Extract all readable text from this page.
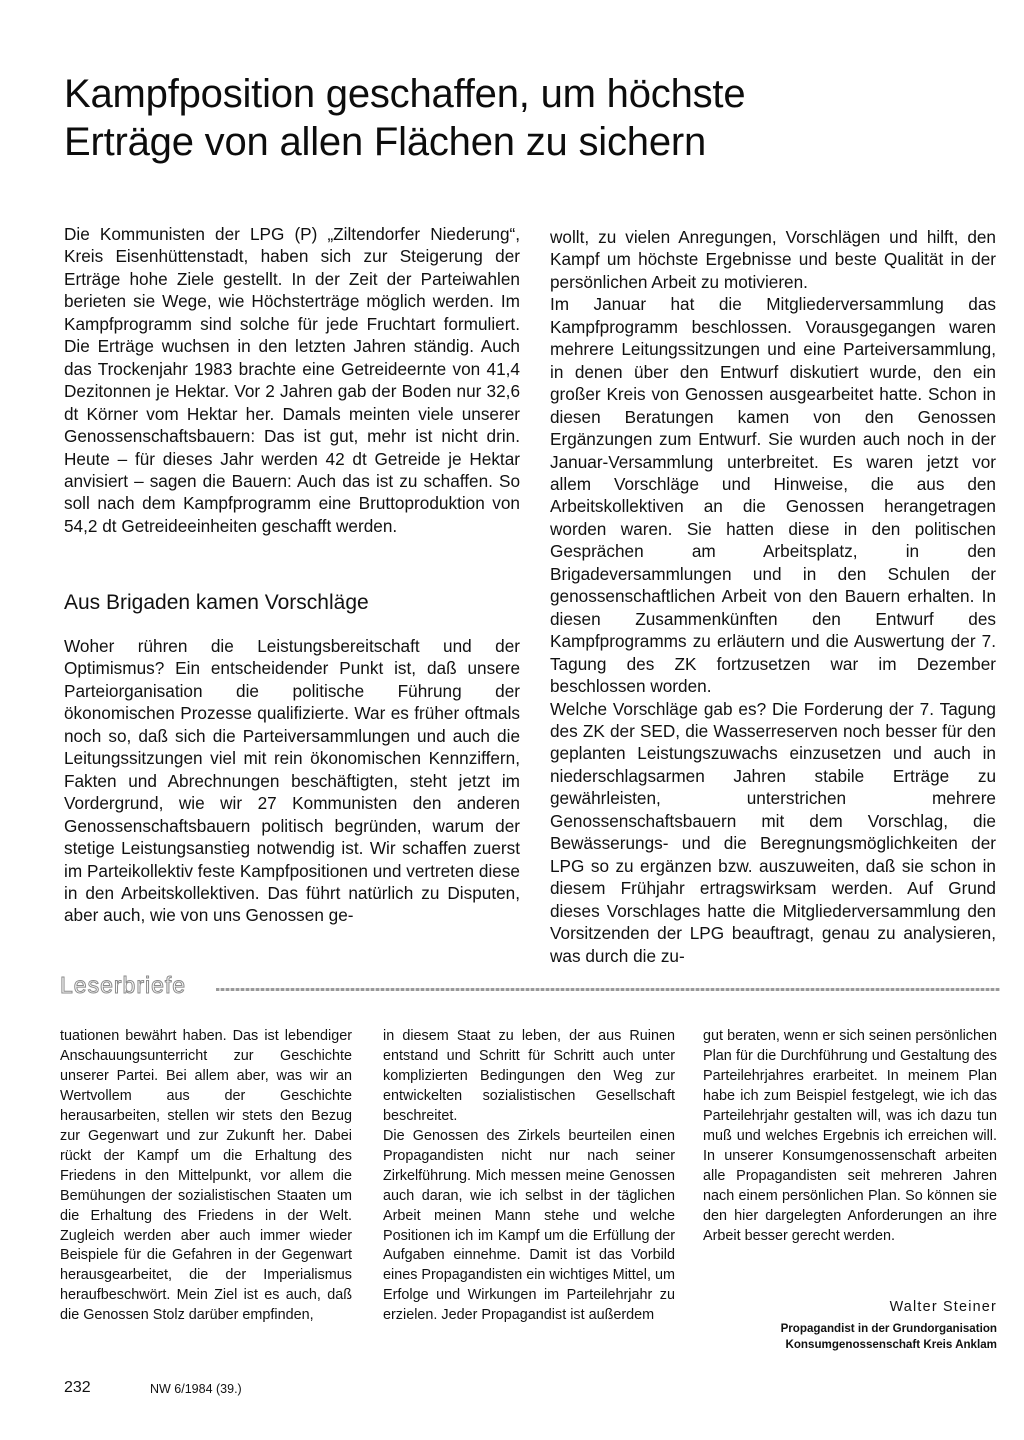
Kampfposition geschaffen, um höchste
Erträge von allen Flächen zu sichern

Die Kommunisten der LPG (P) „Ziltendorfer Niederung“, Kreis Eisenhüttenstadt, haben sich zur Steigerung der Erträge hohe Ziele gestellt. In der Zeit der Parteiwahlen berieten sie Wege, wie Höchsterträge möglich werden. Im Kampfprogramm sind solche für jede Fruchtart formuliert. Die Erträge wuchsen in den letzten Jahren ständig. Auch das Trockenjahr 1983 brachte eine Getreideernte von 41,4 Dezitonnen je Hektar. Vor 2 Jahren gab der Boden nur 32,6 dt Körner vom Hektar her. Damals meinten viele unserer Genossenschaftsbauern: Das ist gut, mehr ist nicht drin. Heute – für dieses Jahr werden 42 dt Getreide je Hektar anvisiert – sagen die Bauern: Auch das ist zu schaffen. So soll nach dem Kampfprogramm eine Bruttoproduktion von 54,2 dt Getreideeinheiten geschafft werden.

Aus Brigaden kamen Vorschläge

Woher rühren die Leistungsbereitschaft und der Optimismus? Ein entscheidender Punkt ist, daß unsere Parteiorganisation die politische Führung der ökonomischen Prozesse qualifizierte. War es früher oftmals noch so, daß sich die Parteiversammlungen und auch die Leitungssitzungen viel mit rein ökonomischen Kennziffern, Fakten und Abrechnungen beschäftigten, steht jetzt im Vordergrund, wie wir 27 Kommunisten den anderen Genossenschaftsbauern politisch begründen, warum der stetige Leistungsanstieg notwendig ist. Wir schaffen zuerst im Parteikollektiv feste Kampfpositionen und vertreten diese in den Arbeitskollektiven. Das führt natürlich zu Disputen, aber auch, wie von uns Genossen ge-

wollt, zu vielen Anregungen, Vorschlägen und hilft, den Kampf um höchste Ergebnisse und beste Qualität in der persönlichen Arbeit zu motivieren.

Im Januar hat die Mitgliederversammlung das Kampfprogramm beschlossen. Vorausgegangen waren mehrere Leitungssitzungen und eine Parteiversammlung, in denen über den Entwurf diskutiert wurde, den ein großer Kreis von Genossen ausgearbeitet hatte. Schon in diesen Beratungen kamen von den Genossen Ergänzungen zum Entwurf. Sie wurden auch noch in der Januar-Versammlung unterbreitet. Es waren jetzt vor allem Vorschläge und Hinweise, die aus den Arbeitskollektiven an die Genossen herangetragen worden waren. Sie hatten diese in den politischen Gesprächen am Arbeitsplatz, in den Brigadeversammlungen und in den Schulen der genossenschaftlichen Arbeit von den Bauern erhalten. In diesen Zusammenkünften den Entwurf des Kampfprogramms zu erläutern und die Auswertung der 7. Tagung des ZK fortzusetzen war im Dezember beschlossen worden.

Welche Vorschläge gab es? Die Forderung der 7. Tagung des ZK der SED, die Wasserreserven noch besser für den geplanten Leistungszuwachs einzusetzen und auch in niederschlagsarmen Jahren stabile Erträge zu gewährleisten, unterstrichen mehrere Genossenschaftsbauern mit dem Vorschlag, die Bewässerungs- und die Beregnungsmöglichkeiten der LPG so zu ergänzen bzw. auszuweiten, daß sie schon in diesem Frühjahr ertragswirksam werden. Auf Grund dieses Vorschlages hatte die Mitgliederversammlung den Vorsitzenden der LPG beauftragt, genau zu analysieren, was durch die zu-

Leserbriefe

tuationen bewährt haben. Das ist lebendiger Anschauungsunterricht zur Geschichte unserer Partei. Bei allem aber, was wir an Wertvollem aus der Geschichte herausarbeiten, stellen wir stets den Bezug zur Gegenwart und zur Zukunft her. Dabei rückt der Kampf um die Erhaltung des Friedens in den Mittelpunkt, vor allem die Bemühungen der sozialistischen Staaten um die Erhaltung des Friedens in der Welt. Zugleich werden aber auch immer wieder Beispiele für die Gefahren in der Gegenwart herausgearbeitet, die der Imperialismus heraufbeschwört. Mein Ziel ist es auch, daß die Genossen Stolz darüber empfinden,

in diesem Staat zu leben, der aus Ruinen entstand und Schritt für Schritt auch unter komplizierten Bedingungen den Weg zur entwickelten sozialistischen Gesellschaft beschreitet.

Die Genossen des Zirkels beurteilen einen Propagandisten nicht nur nach seiner Zirkelführung. Mich messen meine Genossen auch daran, wie ich selbst in der täglichen Arbeit meinen Mann stehe und welche Positionen ich im Kampf um die Erfüllung der Aufgaben einnehme. Damit ist das Vorbild eines Propagandisten ein wichtiges Mittel, um Erfolge und Wirkungen im Parteilehrjahr zu erzielen. Jeder Propagandist ist außerdem

gut beraten, wenn er sich seinen persönlichen Plan für die Durchführung und Gestaltung des Parteilehrjahres erarbeitet. In meinem Plan habe ich zum Beispiel festgelegt, wie ich das Parteilehrjahr gestalten will, was ich dazu tun muß und welches Ergebnis ich erreichen will. In unserer Konsumgenossenschaft arbeiten alle Propagandisten seit mehreren Jahren nach einem persönlichen Plan. So können sie den hier dargelegten Anforderungen an ihre Arbeit besser gerecht werden.

Walter Steiner
Propagandist in der Grundorganisation
Konsumgenossenschaft Kreis Anklam
232	NW 6/1984 (39.)
